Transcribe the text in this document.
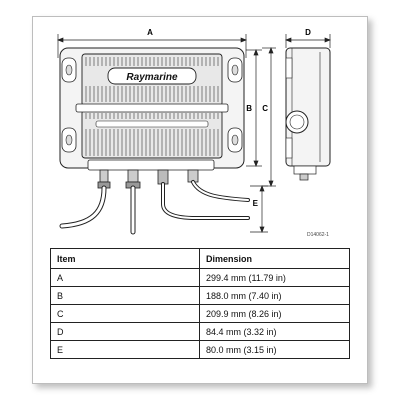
A
Raymarine
B C
E
D
D14062-1
Item	Dimension
A	299.4 mm (11.79 in)
B	188.0 mm (7.40 in)
C	209.9 mm (8.26 in)
D	84.4 mm (3.32 in)
E	80.0 mm (3.15 in)
